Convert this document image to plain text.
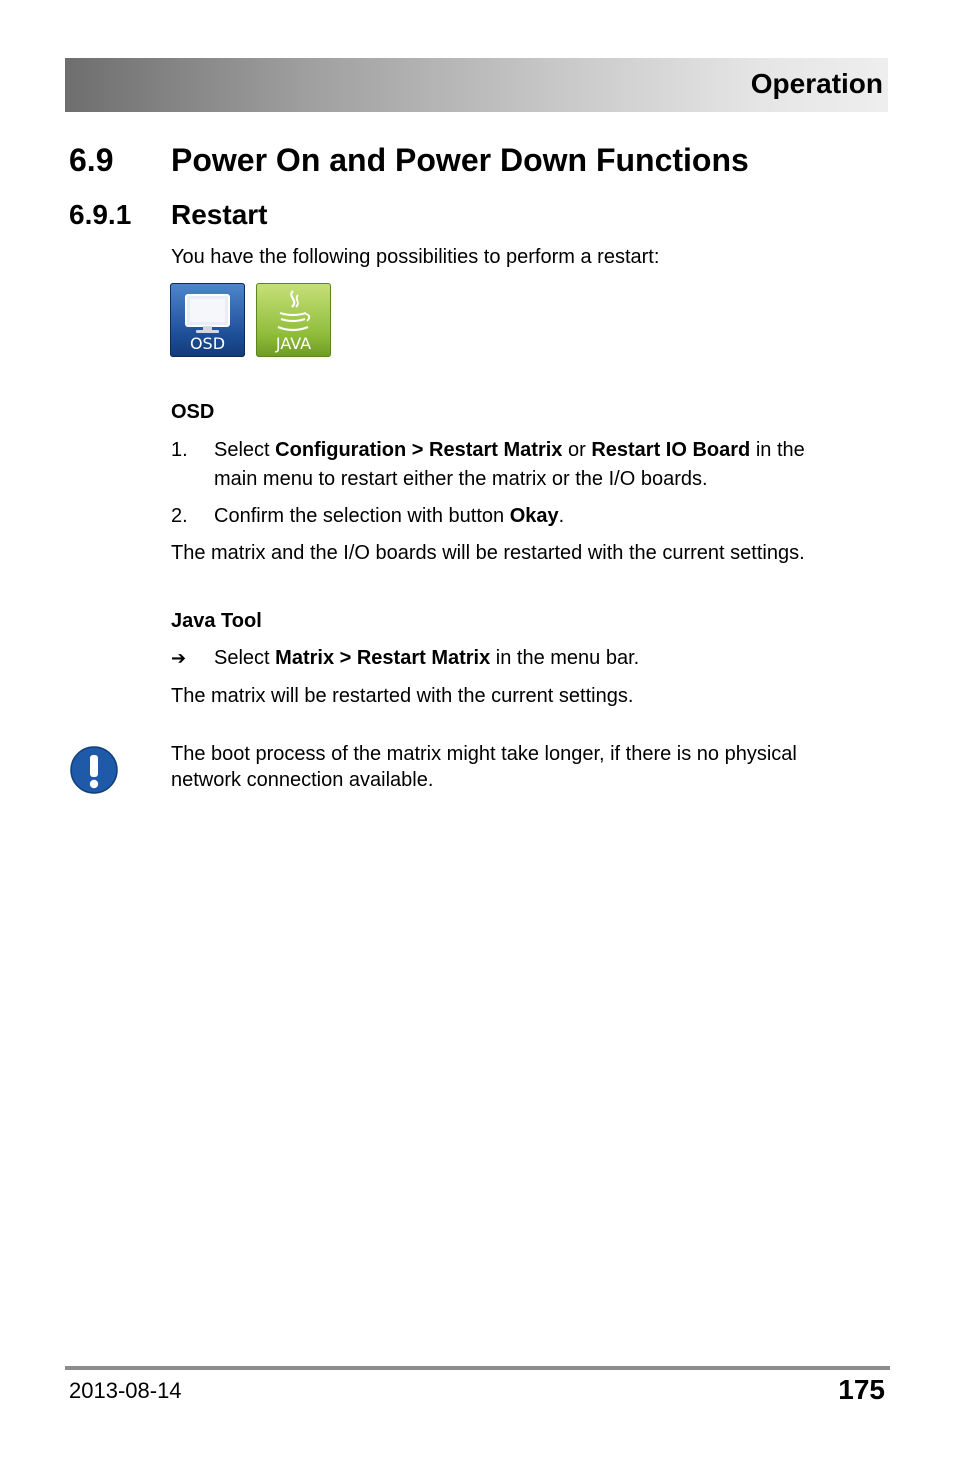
Operation
6.9 Power On and Power Down Functions
6.9.1 Restart
You have the following possibilities to perform a restart:
OSD	JAVA
OSD
1. Select Configuration > Restart Matrix or Restart IO Board in the
main menu to restart either the matrix or the I/O boards.
2. Confirm the selection with button Okay.
The matrix and the I/O boards will be restarted with the current settings.
Java Tool
➔ Select Matrix > Restart Matrix in the menu bar.
The matrix will be restarted with the current settings.
The boot process of the matrix might take longer, if there is no physical
network connection available.
2013-08-14	175
